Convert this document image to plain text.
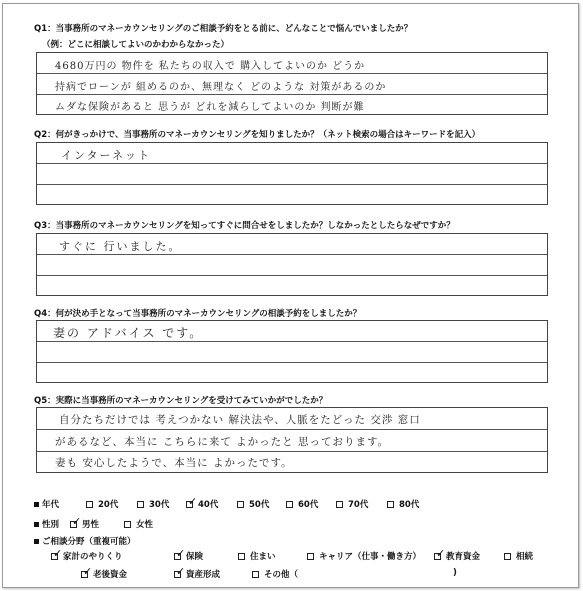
Q1：当事務所のマネーカウンセリングのご相談予約をとる前に、どんなことで悩んでいましたか？
（例：どこに相談してよいのかわからなかった）
4680万円の 物件を 私たちの収入で 購入してよいのか どうか
持病でローンが 組めるのか、無理なく どのような 対策があるのか
ムダな保険があると 思うが どれを減らしてよいのか 判断が難
Q2：何がきっかけで、当事務所のマネーカウンセリングを知りましたか？（ネット検索の場合はキーワードを記入）
インターネット
Q3：当事務所のマネーカウンセリングを知ってすぐに問合せをしましたか？しなかったとしたらなぜですか？
すぐに 行いました。
Q4：何が決め手となって当事務所のマネーカウンセリングの相談予約をしましたか？
妻の アドバイス です。
Q5：実際に当事務所のマネーカウンセリングを受けてみていかがでしたか？
自分たちだけでは 考えつかない 解決法や、人脈をたどった 交渉 窓口
があるなど、本当に こちらに来て よかったと 思っております。
妻も 安心したようで、本当に よかったです。
年代	20代	30代 ✓	40代	50代	60代	70代	80代
性別 ✓	男性	女性
ご相談分野（重複可能）
✓
家計のやりくり ✓	保険	住まい	キャリア（仕事・働き方） ✓	教育資金	相続
✓
老後資金 ✓	資産形成	その他（	)
